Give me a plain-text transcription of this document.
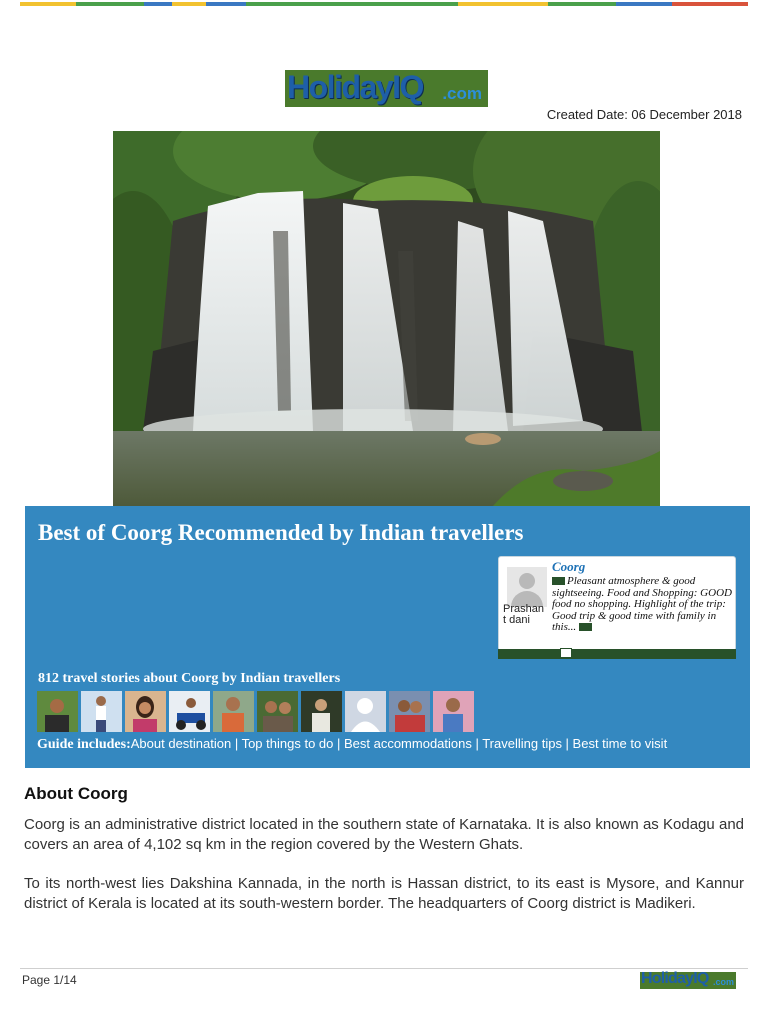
HolidayIQ .com
Created Date: 06 December 2018
Best of Coorg Recommended by Indian travellers
Prashant dani
Coorg
Pleasant atmosphere & good sightseeing. Food and Shopping: GOOD food no shopping. Highlight of the trip: Good trip & good time with family in this...
812 travel stories about Coorg by Indian travellers
Guide includes:About destination | Top things to do | Best accommodations | Travelling tips | Best time to visit
About Coorg
Coorg is an administrative district located in the southern state of Karnataka. It is also known as Kodagu and covers an area of 4,102 sq km in the region covered by the Western Ghats.
To its north-west lies Dakshina Kannada, in the north is Hassan district, to its east is Mysore, and Kannur district of Kerala is located at its south-western border. The headquarters of Coorg district is Madikeri.
Page 1/14	HolidayIQ .com
